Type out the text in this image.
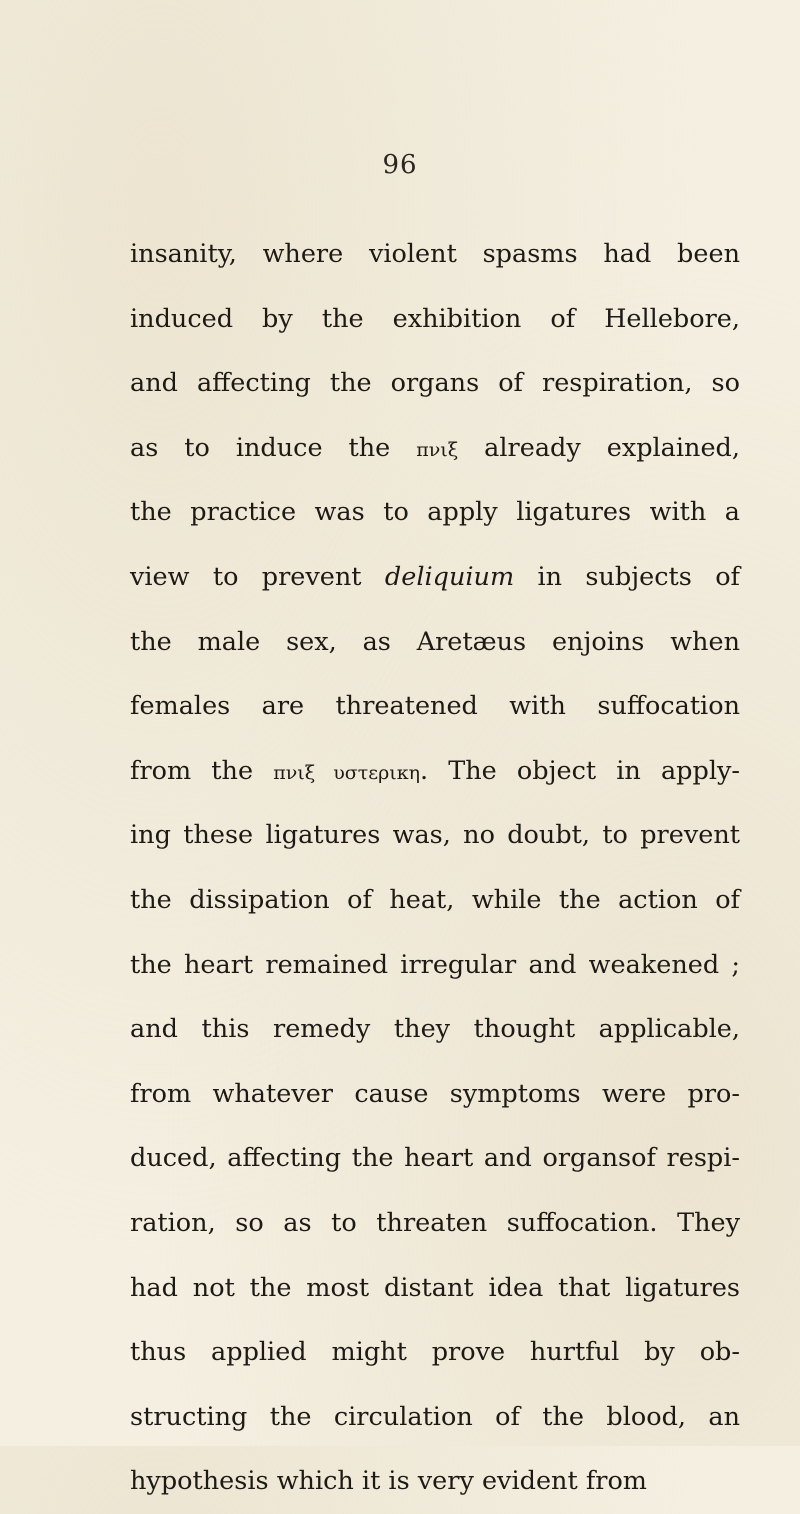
96
insanity, where violent spasms had been
induced by the exhibition of Hellebore,
and affecting the organs of respiration, so
as to induce the πνιξ already explained,
the practice was to apply ligatures with a
view to prevent deliquium in subjects of
the male sex, as Aretæus enjoins when
females are threatened with suffocation
from the πνιξ υστερικη. The object in apply-
ing these ligatures was, no doubt, to prevent
the dissipation of heat, while the action of
the heart remained irregular and weakened ;
and this remedy they thought applicable,
from whatever cause symptoms were pro-
duced, affecting the heart and organsof respi-
ration, so as to threaten suffocation. They
had not the most distant idea that ligatures
thus applied might prove hurtful by ob-
structing the circulation of the blood, an
hypothesis which it is very evident from
